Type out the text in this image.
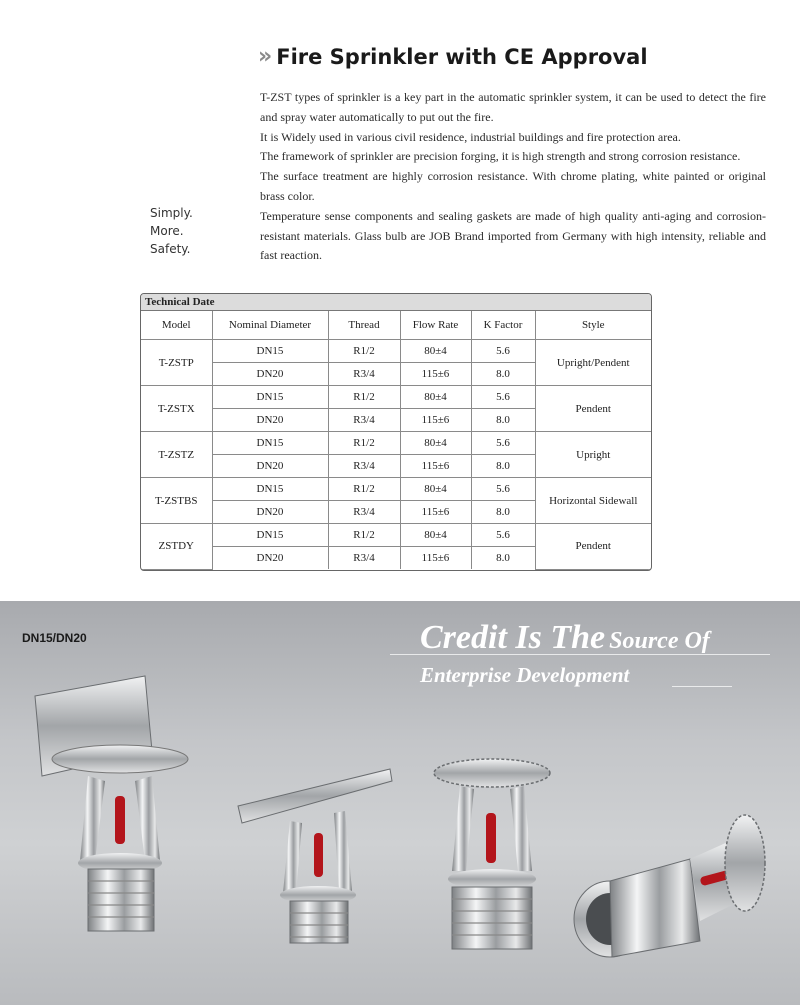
» Fire Sprinkler with CE Approval

T-ZST types of sprinkler is a key part in the automatic sprinkler system, it can be used to detect the fire and spray water automatically to put out the fire.

It is Widely used in various civil residence, industrial buildings and fire protection area.

The framework of sprinkler are precision forging, it is high strength and strong corrosion resistance.

The surface treatment are highly corrosion resistance. With chrome plating, white painted or original brass color.

Temperature sense components and sealing gaskets are made of high quality anti-aging and corrosion-resistant materials. Glass bulb are JOB Brand imported from Germany with high intensity, reliable and fast reaction.

Simply.
More.
Safety.
Technical Date
Model	Nominal Diameter	Thread	Flow Rate	K Factor	Style
T-ZSTP	DN15	R1/2	80±4	5.6	Upright/Pendent
	DN20	R3/4	115±6	8.0	
T-ZSTX	DN15	R1/2	80±4	5.6	Pendent
	DN20	R3/4	115±6	8.0	
T-ZSTZ	DN15	R1/2	80±4	5.6	Upright
	DN20	R3/4	115±6	8.0	
T-ZSTBS	DN15	R1/2	80±4	5.6	Horizontal Sidewall
	DN20	R3/4	115±6	8.0	
ZSTDY	DN15	R1/2	80±4	5.6	Pendent
	DN20	R3/4	115±6	8.0	
DN15/DN20	Credit Is The Source Of
Enterprise Development
